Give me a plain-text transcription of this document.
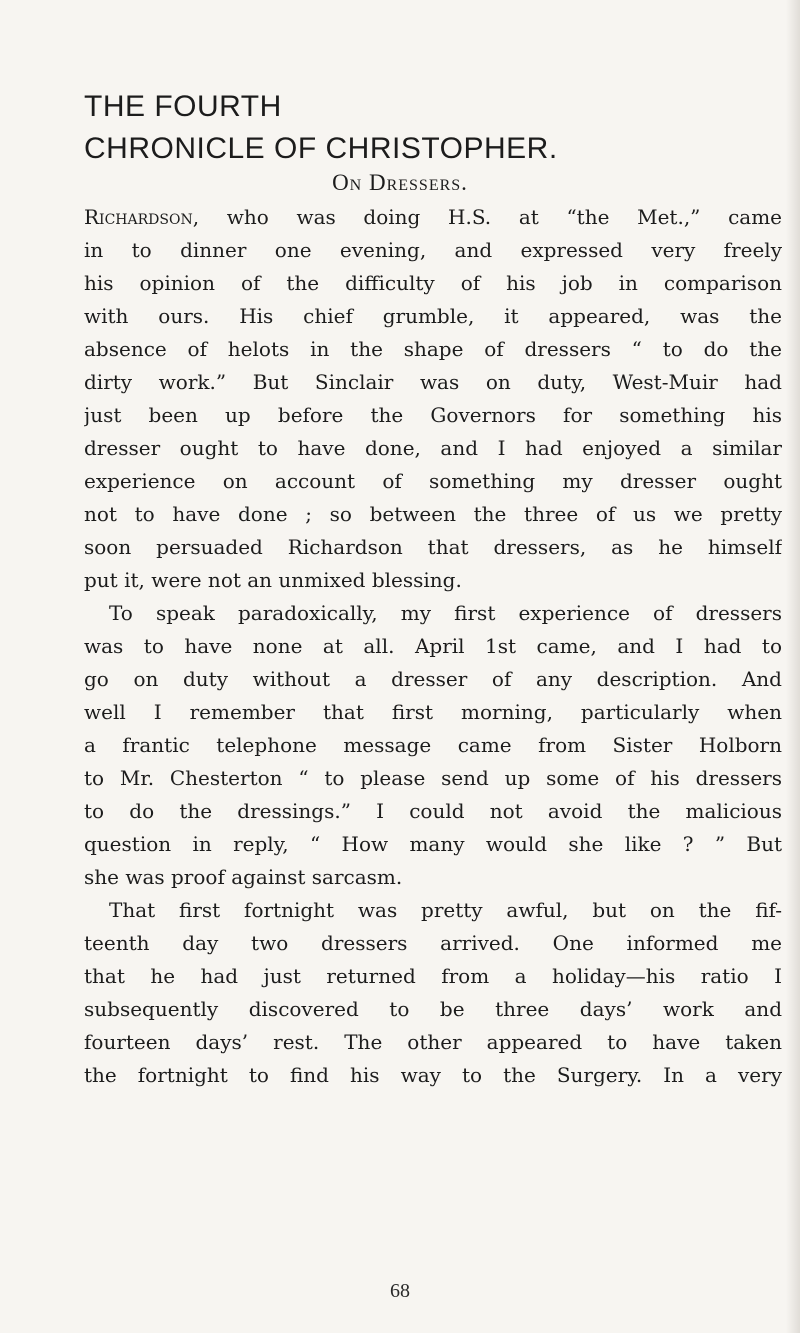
THE FOURTH
CHRONICLE OF CHRISTOPHER.
On Dressers.
Richardson, who was doing H.S. at “the Met.,” came
in to dinner one evening, and expressed very freely
his opinion of the difficulty of his job in comparison
with ours. His chief grumble, it appeared, was the
absence of helots in the shape of dressers “ to do the
dirty work.” But Sinclair was on duty, West-Muir had
just been up before the Governors for something his
dresser ought to have done, and I had enjoyed a similar
experience on account of something my dresser ought
not to have done ; so between the three of us we pretty
soon persuaded Richardson that dressers, as he himself
put it, were not an unmixed blessing.
To speak paradoxically, my first experience of dressers
was to have none at all. April 1st came, and I had to
go on duty without a dresser of any description. And
well I remember that first morning, particularly when
a frantic telephone message came from Sister Holborn
to Mr. Chesterton “ to please send up some of his dressers
to do the dressings.” I could not avoid the malicious
question in reply, “ How many would she like ? ” But
she was proof against sarcasm.
That first fortnight was pretty awful, but on the fif-
teenth day two dressers arrived. One informed me
that he had just returned from a holiday—his ratio I
subsequently discovered to be three days’ work and
fourteen days’ rest. The other appeared to have taken
the fortnight to find his way to the Surgery. In a very
68
